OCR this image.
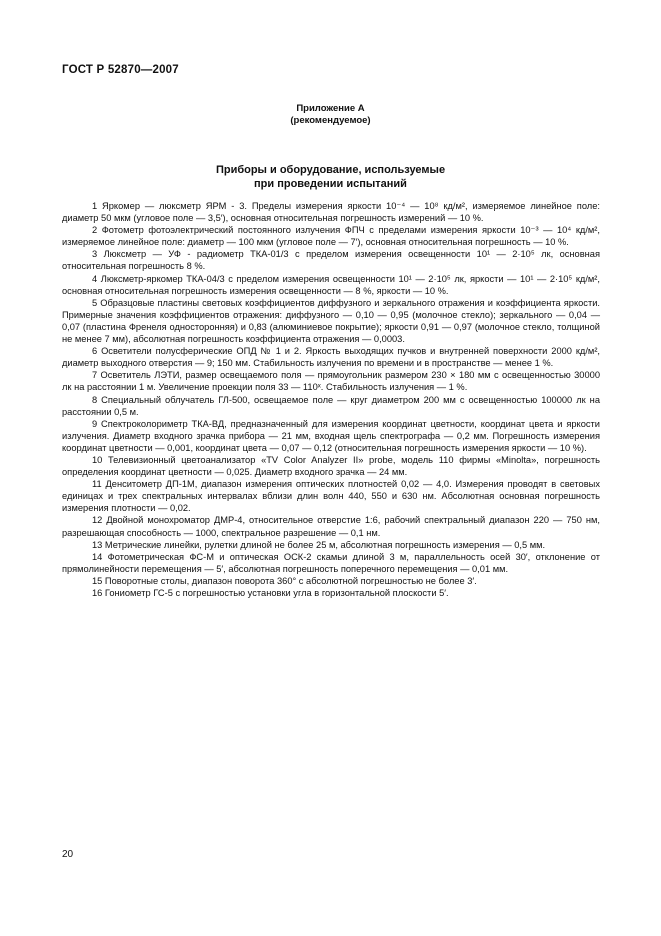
ГОСТ Р 52870—2007
Приложение А
(рекомендуемое)
Приборы и оборудование, используемые
при проведении испытаний

1 Яркомер — люксметр ЯРМ - 3. Пределы измерения яркости 10⁻⁴ — 10⁸ кд/м², измеряемое линейное поле: диаметр 50 мкм (угловое поле — 3,5′), основная относительная погрешность измерений — 10 %.

2 Фотометр фотоэлектрический постоянного излучения ФПЧ с пределами измерения яркости 10⁻³ — 10⁴ кд/м², измеряемое линейное поле: диаметр — 100 мкм (угловое поле — 7′), основная относительная погрешность — 10 %.

3 Люксметр — УФ - радиометр ТКА-01/3 с пределом измерения освещенности 10¹ — 2·10⁵ лк, основная относительная погрешность 8 %.

4 Люксметр-яркомер ТКА-04/3 с пределом измерения освещенности 10¹ — 2·10⁵ лк, яркости — 10¹ — 2·10⁵ кд/м², основная относительная погрешность измерения освещенности — 8 %, яркости — 10 %.

5 Образцовые пластины световых коэффициентов диффузного и зеркального отражения и коэффициента яркости. Примерные значения коэффициентов отражения: диффузного — 0,10 — 0,95 (молочное стекло); зеркального — 0,04 — 0,07 (пластина Френеля односторонняя) и 0,83 (алюминиевое покрытие); яркости 0,91 — 0,97 (молочное стекло, толщиной не менее 7 мм), абсолютная погрешность коэффициента отражения — 0,0003.

6 Осветители полусферические ОПД № 1 и 2. Яркость выходящих пучков и внутренней поверхности 2000 кд/м², диаметр выходного отверстия — 9; 150 мм. Стабильность излучения по времени и в пространстве — менее 1 %.

7 Осветитель ЛЭТИ, размер освещаемого поля — прямоугольник размером 230 × 180 мм с освещенностью 30000 лк на расстоянии 1 м. Увеличение проекции поля 33 — 110ˣ. Стабильность излучения — 1 %.

8 Специальный облучатель ГЛ-500, освещаемое поле — круг диаметром 200 мм с освещенностью 100000 лк на расстоянии 0,5 м.

9 Спектроколориметр ТКА-ВД, предназначенный для измерения координат цветности, координат цвета и яркости излучения. Диаметр входного зрачка прибора — 21 мм, входная щель спектрографа — 0,2 мм. Погрешность измерения координат цветности — 0,001, координат цвета — 0,07 — 0,12 (относительная погрешность измерения яркости — 10 %).

10 Телевизионный цветоанализатор «TV Color Analyzer II» probe, модель 110 фирмы «Minolta», погрешность определения координат цветности — 0,025. Диаметр входного зрачка — 24 мм.

11 Денситометр ДП-1М, диапазон измерения оптических плотностей 0,02 — 4,0. Измерения проводят в световых единицах и трех спектральных интервалах вблизи длин волн 440, 550 и 630 нм. Абсолютная основная погрешность измерения плотности — 0,02.

12 Двойной монохроматор ДМР-4, относительное отверстие 1:6, рабочий спектральный диапазон 220 — 750 нм, разрешающая способность — 1000, спектральное разрешение — 0,1 нм.

13 Метрические линейки, рулетки длиной не более 25 м, абсолютная погрешность измерения — 0,5 мм.

14 Фотометрическая ФС-М и оптическая ОСК-2 скамьи длиной 3 м, параллельность осей 30′, отклонение от прямолинейности перемещения — 5′, абсолютная погрешность поперечного перемещения — 0,01 мм.

15 Поворотные столы, диапазон поворота 360° с абсолютной погрешностью не более 3′.

16 Гониометр ГС-5 с погрешностью установки угла в горизонтальной плоскости 5′.

20
